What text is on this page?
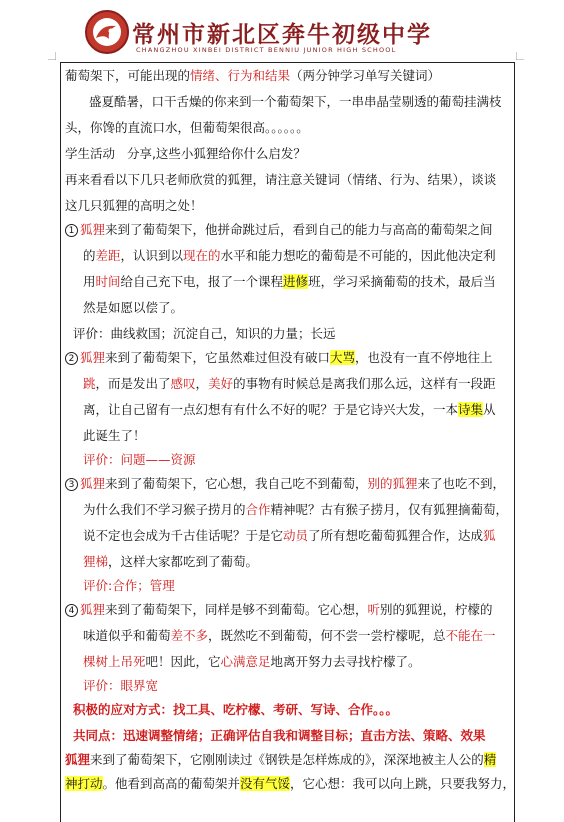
常州市新北区奔牛初级中学
CHANGZHOU XINBEI DISTRICT BENNIU JUNIOR HIGH SCHOOL
葡萄架下，可能出现的情绪、行为和结果（两分钟学习单写关键词）
盛夏酷暑，口干舌燥的你来到一个葡萄架下，一串串晶莹剔透的葡萄挂满枝
头，你馋的直流口水，但葡萄架很高。。。。。。
学生活动 分享,这些小狐狸给你什么启发？
再来看看以下几只老师欣赏的狐狸，请注意关键词（情绪、行为、结果），谈谈
这几只狐狸的高明之处！
1 狐狸来到了葡萄架下，他拼命跳过后，看到自己的能力与高高的葡萄架之间
的差距，认识到以现在的水平和能力想吃的葡萄是不可能的，因此他决定利
用时间给自己充下电，报了一个课程进修班，学习采摘葡萄的技术，最后当
然是如愿以偿了。
评价：曲线救国；沉淀自己，知识的力量；长远
2 狐狸来到了葡萄架下，它虽然难过但没有破口大骂，也没有一直不停地往上
跳，而是发出了感叹，美好的事物有时候总是离我们那么远，这样有一段距
离，让自己留有一点幻想有有什么不好的呢？于是它诗兴大发，一本诗集从
此诞生了！
评价：问题——资源
3 狐狸来到了葡萄架下，它心想，我自己吃不到葡萄，别的狐狸来了也吃不到，
为什么我们不学习猴子捞月的合作精神呢？古有猴子捞月，仅有狐狸摘葡萄，
说不定也会成为千古佳话呢？于是它动员了所有想吃葡萄狐狸合作，达成狐
狸梯，这样大家都吃到了葡萄。
评价:合作；管理
4 狐狸来到了葡萄架下，同样是够不到葡萄。它心想，听别的狐狸说，柠檬的
味道似乎和葡萄差不多，既然吃不到葡萄，何不尝一尝柠檬呢，总不能在一
棵树上吊死吧！因此，它心满意足地离开努力去寻找柠檬了。
评价：眼界宽
积极的应对方式：找工具、吃柠檬、考研、写诗、合作。。。
共同点：迅速调整情绪；正确评估自我和调整目标；直击方法、策略、效果
狐狸来到了葡萄架下，它刚刚读过《钢铁是怎样炼成的》，深深地被主人公的精
神打动。他看到高高的葡萄架并没有气馁，它心想：我可以向上跳，只要我努力，
